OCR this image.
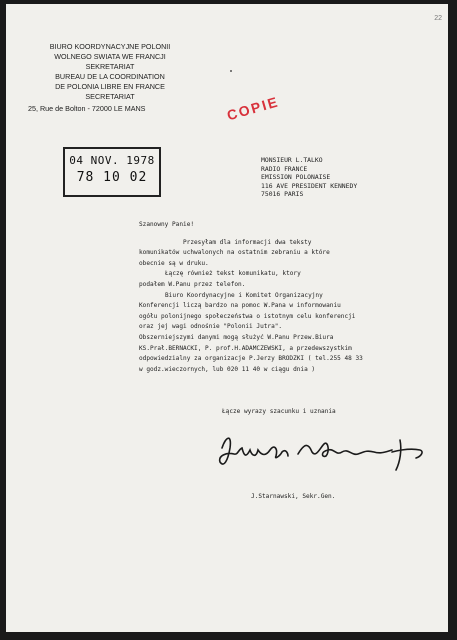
22
BIURO KOORDYNACYJNE POLONII
WOLNEGO SWIATA WE FRANCJI
SEKRETARIAT
BUREAU DE LA COORDINATION
DE POLONIA LIBRE EN FRANCE
SECRETARIAT
25, Rue de Bolton - 72000 LE MANS
04 NOV. 1978
78 10 02
COPIE
MONSIEUR L.TALKO
RADIO FRANCE
EMISSION POLONAISE
116 AVE PRESIDENT KENNEDY
75016 PARIS
Szanowny Panie!
Przesyłam dla informacji dwa teksty
komunikatów uchwalonych na ostatnim zebraniu a które
obecnie są w druku.
Łączę również tekst komunikatu, ktory
podałem W.Panu przez telefon.
Biuro Koordynacyjne i Komitet Organizacyjny
Konferencji liczą bardzo na pomoc W.Pana w informowaniu
ogółu polonijnego społeczeństwa o istotnym celu konferencji
oraz jej wagi odnośnie "Polonii Jutra".
Obszerniejszymi danymi mogą służyć W.Panu Przew.Biura
KS.Prał.BERNACKI, P. prof.H.ADAMCZEWSKI, a przedewszystkim
odpowiedzialny za organizacje P.Jerzy BRODZKI ( tel.255 48 33
w godz.wieczornych, lub 020 11 40 w ciągu dnia )
Łącze wyrazy szacunku i uznania
J.Starnawski, Sekr.Gen.
